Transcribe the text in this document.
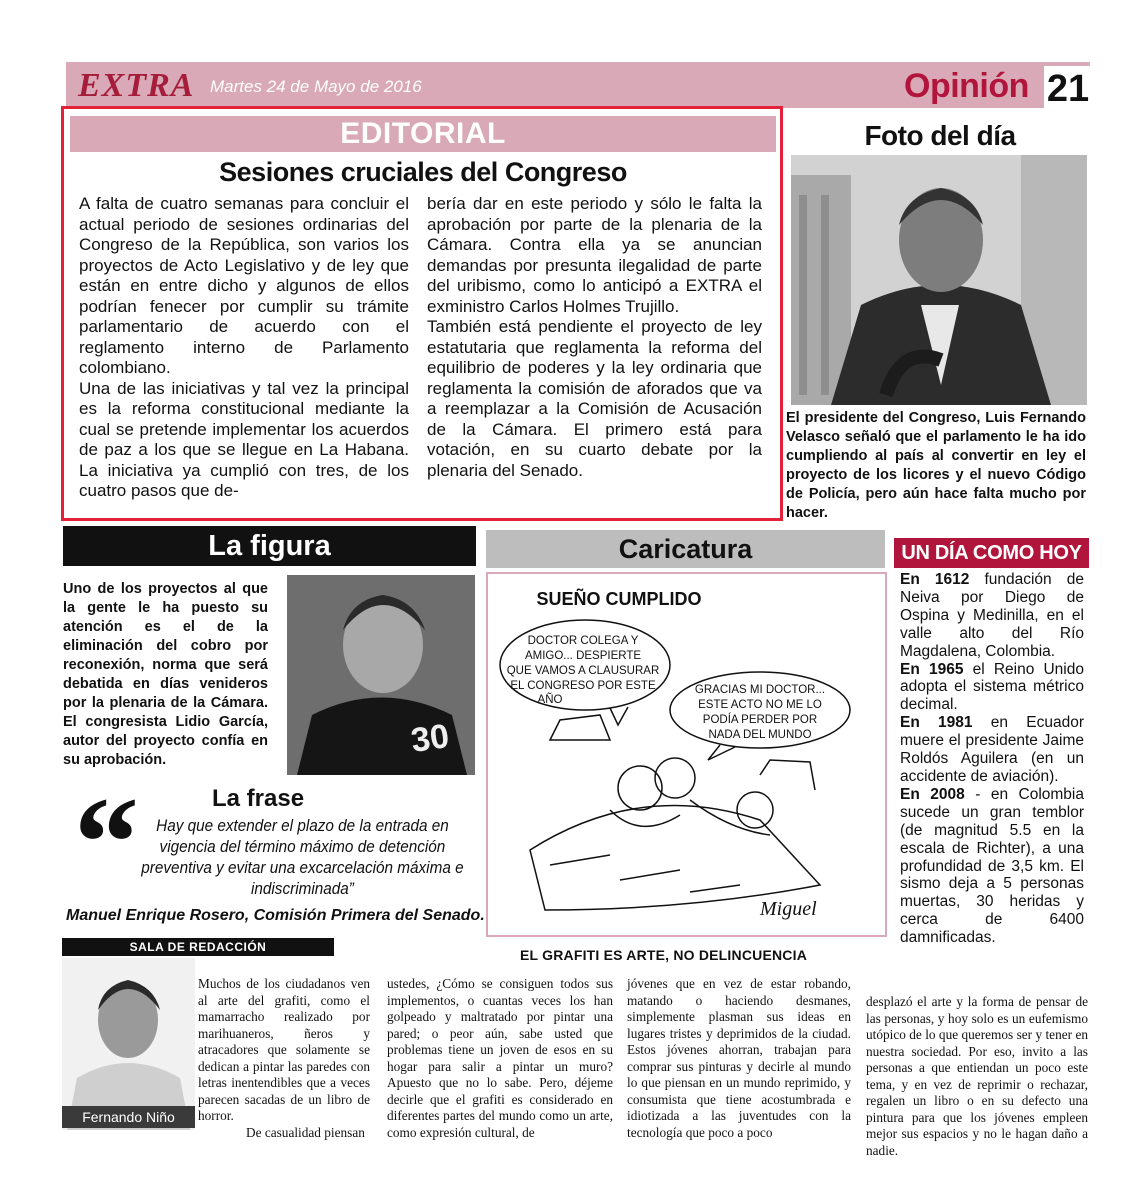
EXTRA Martes 24 de Mayo de 2016	Opinión 21
EDITORIAL
Sesiones cruciales del Congreso

A falta de cuatro semanas para concluir el actual periodo de sesiones ordinarias del Congreso de la República, son varios los proyectos de Acto Legislativo y de ley que están en entre dicho y algunos de ellos podrían fenecer por cumplir su trámite parlamentario de acuerdo con el reglamento interno de Parlamento colombiano.

Una de las iniciativas y tal vez la principal es la reforma constitucional mediante la cual se pretende implementar los acuerdos de paz a los que se llegue en La Habana. La iniciativa ya cumplió con tres, de los cuatro pasos que de-

bería dar en este periodo y sólo le falta la aprobación por parte de la plenaria de la Cámara. Contra ella ya se anuncian demandas por presunta ilegalidad de parte del uribismo, como lo anticipó a EXTRA el exministro Carlos Holmes Trujillo.

También está pendiente el proyecto de ley estatutaria que reglamenta la reforma del equilibrio de poderes y la ley ordinaria que reglamenta la comisión de aforados que va a reemplazar a la Comisión de Acusación de la Cámara. El primero está para votación, en su cuarto debate por la plenaria del Senado.

Foto del día
El presidente del Congreso, Luis Fernando Velasco señaló que el parlamento le ha ido cumpliendo al país al convertir en ley el proyecto de los licores y el nuevo Código de Policía, pero aún hace falta mucho por hacer.
La figura
Uno de los proyectos al que la gente le ha puesto su atención es el de la eliminación del cobro por reconexión, norma que será debatida en días venideros por la plenaria de la Cámara. El congresista Lidio García, autor del proyecto confía en su aprobación.
30
“	La frase
Hay que extender el plazo de la entrada en vigencia del término máximo de detención preventiva y evitar una excarcelación máxima e indiscriminada”
Manuel Enrique Rosero, Comisión Primera del Senado.
Caricatura
SUEÑO CUMPLIDO
DOCTOR COLEGA Y
AMIGO... DESPIERTE
QUE VAMOS A CLAUSURAR
EL CONGRESO POR ESTE
AÑO
GRACIAS MI DOCTOR...
ESTE ACTO NO ME LO
PODÍA PERDER POR
NADA DEL MUNDO
Miguel
UN DÍA COMO HOY
En 1612 fundación de Neiva por Diego de Ospina y Medinilla, en el valle alto del Río Magdalena, Colombia.
En 1965 el Reino Unido adopta el sistema métrico decimal.
En 1981 en Ecuador muere el presidente Jaime Roldós Aguilera (en un accidente de aviación).
En 2008 - en Colombia sucede un gran temblor (de magnitud 5.5 en la escala de Richter), a una profundidad de 3,5 km. El sismo deja a 5 personas muertas, 30 heridas y cerca de 6400 damnificadas.
SALA DE REDACCIÓN	EL GRAFITI ES ARTE, NO DELINCUENCIA
Fernando Niño

Muchos de los ciudadanos ven al arte del grafiti, como el mamarracho realizado por marihuaneros, ñeros y atracadores que solamente se dedican a pintar las paredes con letras inentendibles que a veces parecen sacadas de un libro de horror.

De casualidad piensan

ustedes, ¿Cómo se consiguen todos sus implementos, o cuantas veces los han golpeado y maltratado por pintar una pared; o peor aún, sabe usted que problemas tiene un joven de esos en su hogar para salir a pintar un muro? Apuesto que no lo sabe. Pero, déjeme decirle que el grafiti es considerado en diferentes partes del mundo como un arte, como expresión cultural, de
jóvenes que en vez de estar robando, matando o haciendo desmanes, simplemente plasman sus ideas en lugares tristes y deprimidos de la ciudad. Estos jóvenes ahorran, trabajan para comprar sus pinturas y decirle al mundo lo que piensan en un mundo reprimido, y consumista que tiene acostumbrada e idiotizada a las juventudes con la tecnología que poco a poco
desplazó el arte y la forma de pensar de las personas, y hoy solo es un eufemismo utópico de lo que queremos ser y tener en nuestra sociedad. Por eso, invito a las personas a que entiendan un poco este tema, y en vez de reprimir o rechazar, regalen un libro o en su defecto una pintura para que los jóvenes empleen mejor sus espacios y no le hagan daño a nadie.
